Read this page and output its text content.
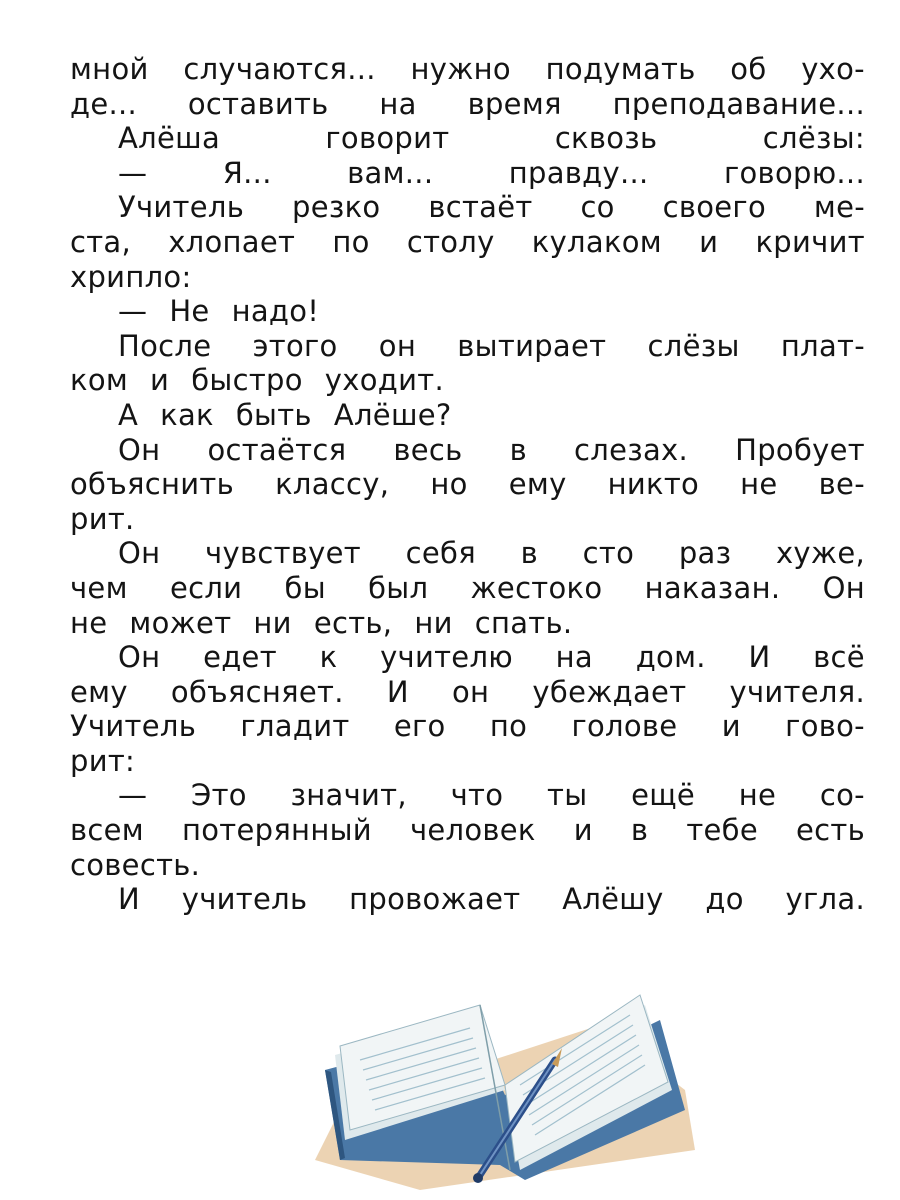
мной случаются... нужно подумать об ухо-
де... оставить на время преподавание...
Алёша	говорит	сквозь	слёзы:
—	Я...	вам...	правду...	говорю...
Учитель резко встаёт со своего ме-
ста, хлопает по столу кулаком и кричит
хрипло:
— Не надо!
После этого он вытирает слёзы плат-
ком и быстро уходит.
А как быть Алёше?
Он остаётся весь в слезах. Пробует
объяснить классу, но ему никто не ве-
рит.
Он чувствует себя в сто раз хуже,
чем если бы был жестоко наказан. Он
не может ни есть, ни спать.
Он едет к учителю на дом. И всё
ему объясняет. И он убеждает учителя.
Учитель гладит его по голове и гово-
рит:
— Это значит, что ты ещё не со-
всем потерянный человек и в тебе есть
совесть.
И учитель провожает Алёшу до угла.
